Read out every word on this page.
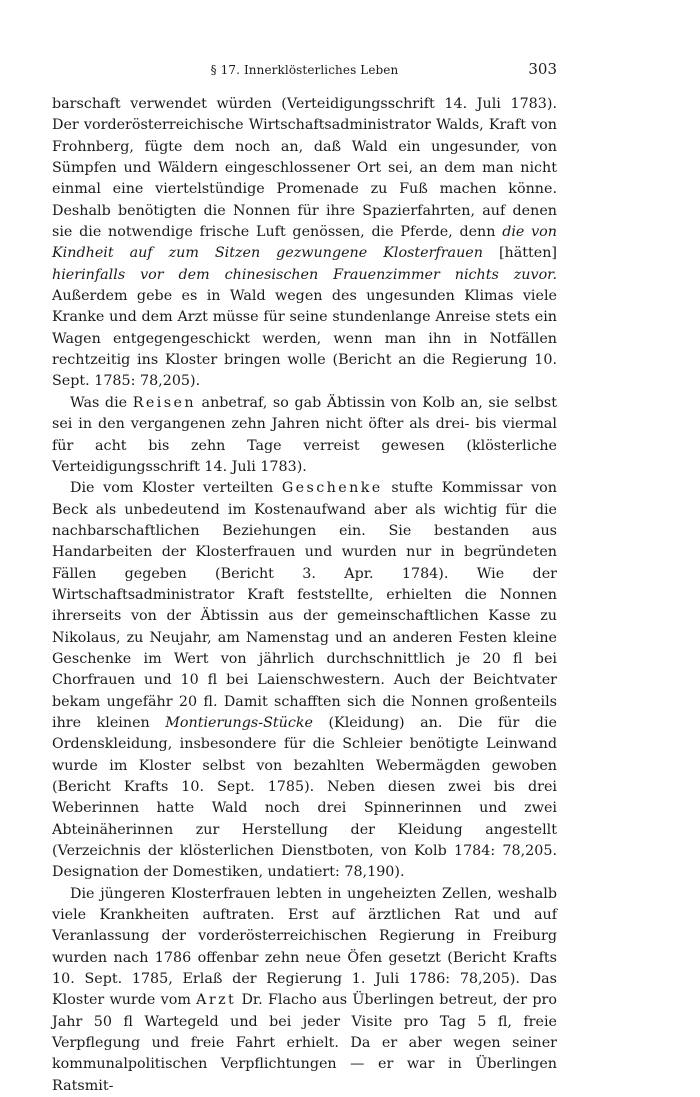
§ 17. Innerklösterliches Leben	303

barschaft verwendet würden (Verteidigungsschrift 14. Juli 1783). Der vorderösterreichische Wirtschaftsadministrator Walds, Kraft von Frohnberg, fügte dem noch an, daß Wald ein ungesunder, von Sümpfen und Wäldern eingeschlossener Ort sei, an dem man nicht einmal eine viertelstündige Promenade zu Fuß machen könne. Deshalb benötigten die Nonnen für ihre Spazierfahrten, auf denen sie die notwendige frische Luft genössen, die Pferde, denn die von Kindheit auf zum Sitzen gezwungene Klosterfrauen [hätten] hierinfalls vor dem chinesischen Frauenzimmer nichts zuvor. Außerdem gebe es in Wald wegen des ungesunden Klimas viele Kranke und dem Arzt müsse für seine stundenlange Anreise stets ein Wagen entgegengeschickt werden, wenn man ihn in Notfällen rechtzeitig ins Kloster bringen wolle (Bericht an die Regierung 10. Sept. 1785: 78,205).

Was die Reisen anbetraf, so gab Äbtissin von Kolb an, sie selbst sei in den vergangenen zehn Jahren nicht öfter als drei- bis viermal für acht bis zehn Tage verreist gewesen (klösterliche Verteidigungsschrift 14. Juli 1783).

Die vom Kloster verteilten Geschenke stufte Kommissar von Beck als unbedeutend im Kostenaufwand aber als wichtig für die nachbarschaftlichen Beziehungen ein. Sie bestanden aus Handarbeiten der Klosterfrauen und wurden nur in begründeten Fällen gegeben (Bericht 3. Apr. 1784). Wie der Wirtschaftsadministrator Kraft feststellte, erhielten die Nonnen ihrerseits von der Äbtissin aus der gemeinschaftlichen Kasse zu Nikolaus, zu Neujahr, am Namenstag und an anderen Festen kleine Geschenke im Wert von jährlich durchschnittlich je 20 fl bei Chorfrauen und 10 fl bei Laienschwestern. Auch der Beichtvater bekam ungefähr 20 fl. Damit schafften sich die Nonnen großenteils ihre kleinen Montierungs-Stücke (Kleidung) an. Die für die Ordenskleidung, insbesondere für die Schleier benötigte Leinwand wurde im Kloster selbst von bezahlten Webermägden gewoben (Bericht Krafts 10. Sept. 1785). Neben diesen zwei bis drei Weberinnen hatte Wald noch drei Spinnerinnen und zwei Abteinäherinnen zur Herstellung der Kleidung angestellt (Verzeichnis der klösterlichen Dienstboten, von Kolb 1784: 78,205. Designation der Domestiken, undatiert: 78,190).

Die jüngeren Klosterfrauen lebten in ungeheizten Zellen, weshalb viele Krankheiten auftraten. Erst auf ärztlichen Rat und auf Veranlassung der vorderösterreichischen Regierung in Freiburg wurden nach 1786 offenbar zehn neue Öfen gesetzt (Bericht Krafts 10. Sept. 1785, Erlaß der Regierung 1. Juli 1786: 78,205). Das Kloster wurde vom Arzt Dr. Flacho aus Überlingen betreut, der pro Jahr 50 fl Wartegeld und bei jeder Visite pro Tag 5 fl, freie Verpflegung und freie Fahrt erhielt. Da er aber wegen seiner kommunalpolitischen Verpflichtungen — er war in Überlingen Ratsmit-
